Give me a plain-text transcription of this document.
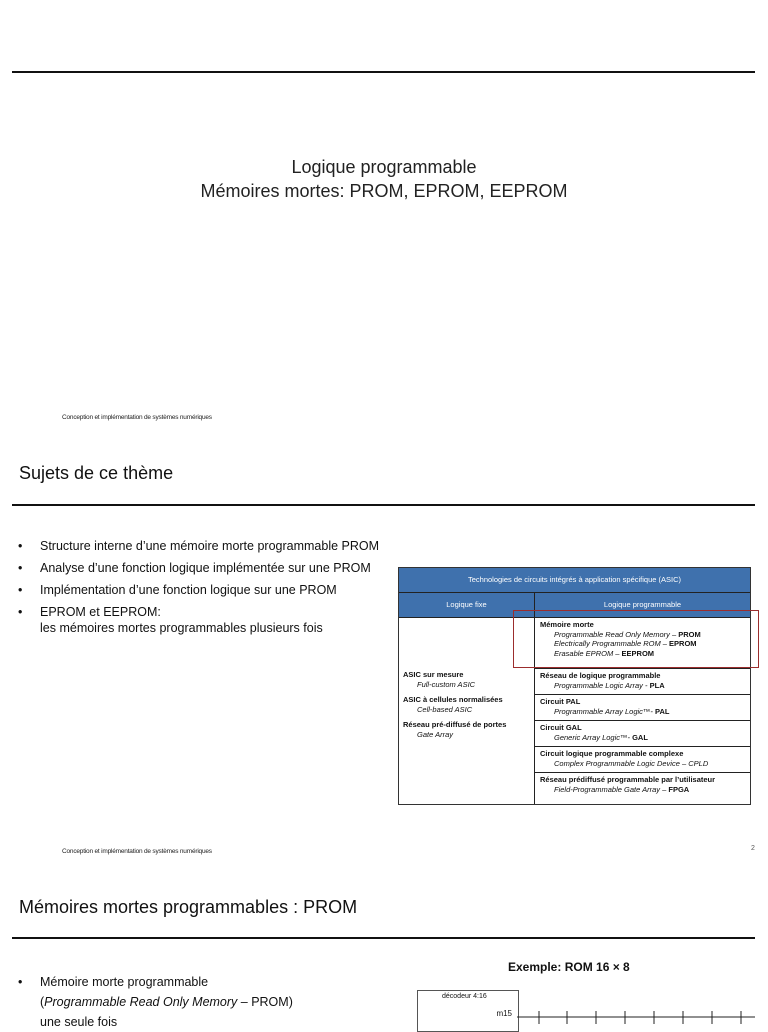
Logique programmable
Mémoires mortes: PROM, EPROM, EEPROM
Conception et implémentation de systèmes numériques
Sujets de ce thème
• Structure interne d’une mémoire morte programmable PROM
• Analyse d’une fonction logique implémentée sur une PROM
• Implémentation d’une fonction logique sur une PROM
• EPROM et EEPROM:
les mémoires mortes programmables plusieurs fois
Technologies de circuits intégrés à application spécifique (ASIC)
Logique fixe	Logique programmable
ASIC sur mesure
Full-custom ASIC
ASIC à cellules normalisées
Cell-based ASIC
Réseau pré-diffusé de portes
Gate Array
Mémoire morte
Programmable Read Only Memory – PROM
Electrically Programmable ROM – EPROM
Erasable EPROM – EEPROM
Réseau de logique programmable
Programmable Logic Array - PLA
Circuit PAL
Programmable Array Logic™- PAL
Circuit GAL
Generic Array Logic™- GAL
Circuit logique programmable complexe
Complex Programmable Logic Device – CPLD
Réseau prédiffusé programmable par l’utilisateur
Field-Programmable Gate Array – FPGA
Conception et implémentation de systèmes numériques	2
Mémoires mortes programmables : PROM
Exemple: ROM 16 × 8
• Mémoire morte programmable
(Programmable Read Only Memory – PROM)
une seule fois
décodeur 4:16
m15
